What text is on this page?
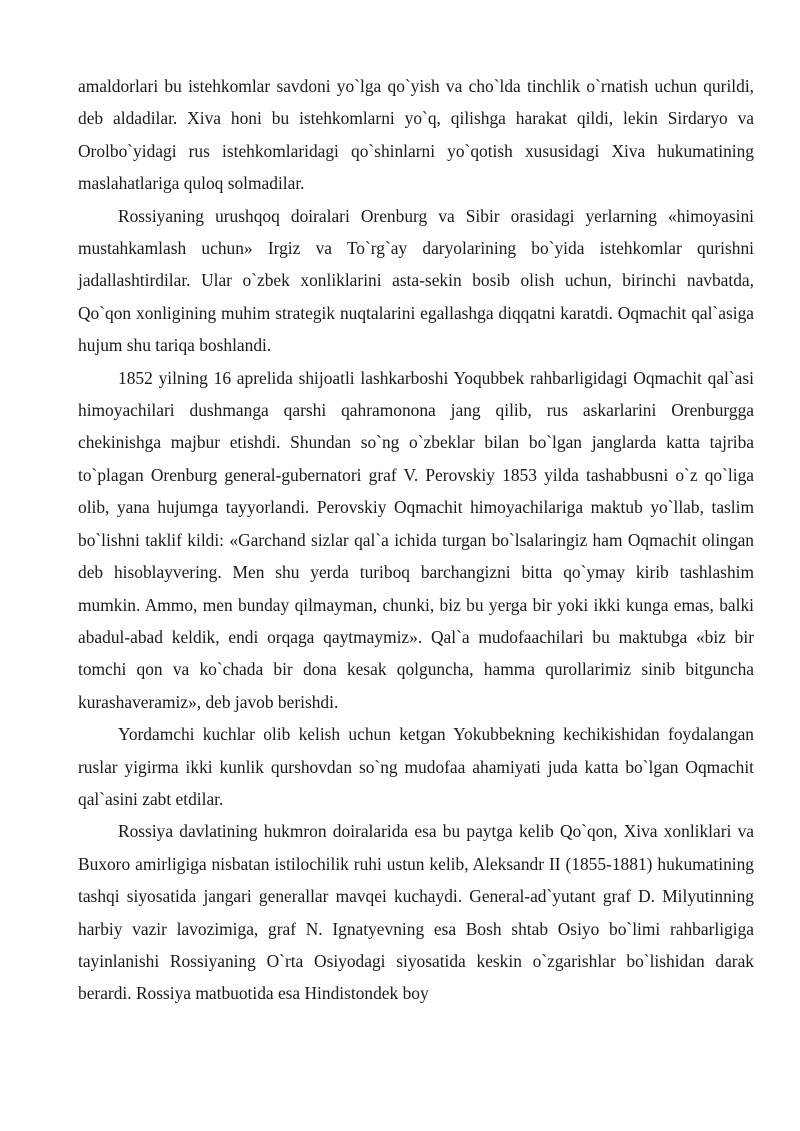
amaldorlari bu istehkomlar savdoni yo`lga qo`yish va cho`lda tinchlik o`rnatish uchun qurildi, deb aldadilar. Xiva honi bu istehkomlarni yo`q, qilishga harakat qildi, lekin Sirdaryo va Orolbo`yidagi rus istehkomlaridagi qo`shinlarni yo`qotish xususidagi Xiva hukumatining maslahatlariga quloq solmadilar.

Rossiyaning urushqoq doiralari Orenburg va Sibir orasidagi yerlarning «himoyasini mustahkamlash uchun» Irgiz va To`rg`ay daryolarining bo`yida istehkomlar qurishni jadallashtirdilar. Ular o`zbek xonliklarini asta-sekin bosib olish uchun, birinchi navbatda, Qo`qon xonligining muhim strategik nuqtalarini egallashga diqqatni karatdi. Oqmachit qal`asiga hujum shu tariqa boshlandi.

1852 yilning 16 aprelida shijoatli lashkarboshi Yoqubbek rahbarligidagi Oqmachit qal`asi himoyachilari dushmanga qarshi qahramonona jang qilib, rus askarlarini Orenburgga chekinishga majbur etishdi. Shundan so`ng o`zbeklar bilan bo`lgan janglarda katta tajriba to`plagan Orenburg general-gubernatori graf V. Perovskiy 1853 yilda tashabbusni o`z qo`liga olib, yana hujumga tayyorlandi. Perovskiy Oqmachit himoyachilariga maktub yo`llab, taslim bo`lishni taklif kildi: «Garchand sizlar qal`a ichida turgan bo`lsalaringiz ham Oqmachit olingan deb hisoblayvering. Men shu yerda turiboq barchangizni bitta qo`ymay kirib tashlashim mumkin. Ammo, men bunday qilmayman, chunki, biz bu yerga bir yoki ikki kunga emas, balki abadul-abad keldik, endi orqaga qaytmaymiz». Qal`a mudofaachilari bu maktubga «biz bir tomchi qon va ko`chada bir dona kesak qolguncha, hamma qurollarimiz sinib bitguncha kurashaveramiz», deb javob berishdi.

Yordamchi kuchlar olib kelish uchun ketgan Yokubbekning kechikishidan foydalangan ruslar yigirma ikki kunlik qurshovdan so`ng mudofaa ahamiyati juda katta bo`lgan Oqmachit qal`asini zabt etdilar.

Rossiya davlatining hukmron doiralarida esa bu paytga kelib Qo`qon, Xiva xonliklari va Buxoro amirligiga nisbatan istilochilik ruhi ustun kelib, Aleksandr II (1855-1881) hukumatining tashqi siyosatida jangari generallar mavqei kuchaydi. General-ad`yutant graf D. Milyutinning harbiy vazir lavozimiga, graf N. Ignatyevning esa Bosh shtab Osiyo bo`limi rahbarligiga tayinlanishi Rossiyaning O`rta Osiyodagi siyosatida keskin o`zgarishlar bo`lishidan darak berardi. Rossiya matbuotida esa Hindistondek boy
